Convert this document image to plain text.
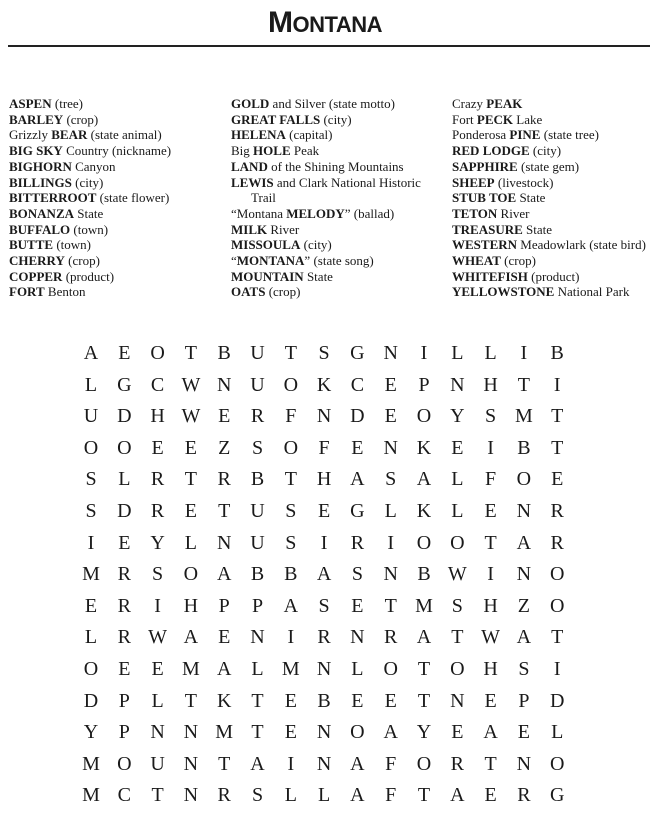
MONTANA
ASPEN (tree)
BARLEY (crop)
Grizzly BEAR (state animal)
BIG SKY Country (nickname)
BIGHORN Canyon
BILLINGS (city)
BITTERROOT (state flower)
BONANZA State
BUFFALO (town)
BUTTE (town)
CHERRY (crop)
COPPER (product)
FORT Benton
GOLD and Silver (state motto)
GREAT FALLS (city)
HELENA (capital)
Big HOLE Peak
LAND of the Shining Mountains
LEWIS and Clark National Historic
Trail
“Montana MELODY” (ballad)
MILK River
MISSOULA (city)
“MONTANA” (state song)
MOUNTAIN State
OATS (crop)
Crazy PEAK
Fort PECK Lake
Ponderosa PINE (state tree)
RED LODGE (city)
SAPPHIRE (state gem)
SHEEP (livestock)
STUB TOE State
TETON River
TREASURE State
WESTERN Meadowlark (state bird)
WHEAT (crop)
WHITEFISH (product)
YELLOWSTONE National Park
A E O T	B U T	S	G N	I	L	L	I	B
L G C W N U O K C	E	P	N H T	I
U D H W E	R	F	N D E O Y	S M T
O O E	E	Z	S	O	F	E N K E	I	B	T
S	L	R	T	R B	T H A	S	A L	F	O E
S	D R	E	T U	S	E G L K L	E N R
I	E Y L N U	S	I	R	I	O O T A R
M R	S	O A B B A	S	N B W	I	N O
E	R	I	H	P	P	A	S	E	T M S	H Z O
L	R W A E N	I	R N R A T W A T
O E	E M A L M N L O T O H	S	I
D	P	L	T K T	E	B	E	E	T N E	P	D
Y	P	N N M T	E N O A Y E A E	L
M O U N T A	I	N A	F	O R	T N O
M C	T N R	S	L	L A	F	T A E	R G
